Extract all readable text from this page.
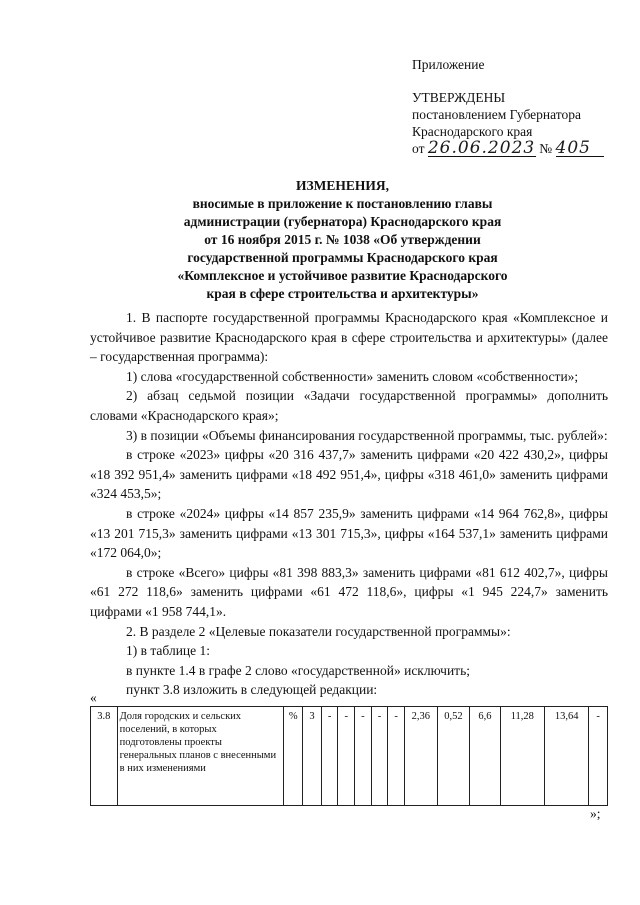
Приложение
УТВЕРЖДЕНЫ
постановлением Губернатора
Краснодарского края
от 26.06.2023 № 405
ИЗМЕНЕНИЯ,
вносимые в приложение к постановлению главы
администрации (губернатора) Краснодарского края
от 16 ноября 2015 г. № 1038 «Об утверждении
государственной программы Краснодарского края
«Комплексное и устойчивое развитие Краснодарского
края в сфере строительства и архитектуры»

1. В паспорте государственной программы Краснодарского края «Комплексное и устойчивое развитие Краснодарского края в сфере строительства и архитектуры» (далее – государственная программа):

1) слова «государственной собственности» заменить словом «собственности»;

2) абзац седьмой позиции «Задачи государственной программы» дополнить словами «Краснодарского края»;

3) в позиции «Объемы финансирования государственной программы, тыс. рублей»:

в строке «2023» цифры «20 316 437,7» заменить цифрами «20 422 430,2», цифры «18 392 951,4» заменить цифрами «18 492 951,4», цифры «318 461,0» заменить цифрами «324 453,5»;

в строке «2024» цифры «14 857 235,9» заменить цифрами «14 964 762,8», цифры «13 201 715,3» заменить цифрами «13 301 715,3», цифры «164 537,1» заменить цифрами «172 064,0»;

в строке «Всего» цифры «81 398 883,3» заменить цифрами «81 612 402,7», цифры «61 272 118,6» заменить цифрами «61 472 118,6», цифры «1 945 224,7» заменить цифрами «1 958 744,1».

2. В разделе 2 «Целевые показатели государственной программы»:

1) в таблице 1:

в пункте 1.4 в графе 2 слово «государственной» исключить;

пункт 3.8 изложить в следующей редакции:

«
3.8	Доля городских и сельских поселений, в которых подготовлены проекты генеральных планов с внесенными в них изменениями	%	3	-	-	-	-	-	2,36	0,52	6,6	11,28	13,64	-
»;
